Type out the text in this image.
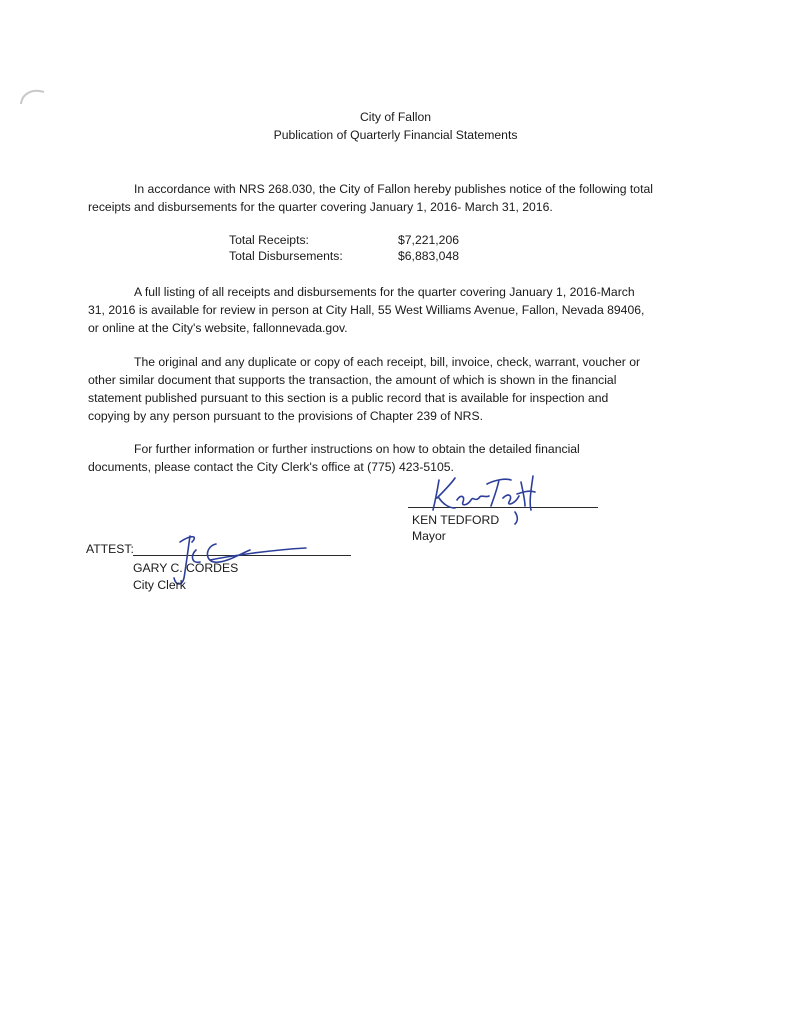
City of Fallon
Publication of Quarterly Financial Statements

In accordance with NRS 268.030, the City of Fallon hereby publishes notice of the following total

receipts and disbursements for the quarter covering January 1, 2016- March 31, 2016.

Total Receipts:	$7,221,206
Total Disbursements:	$6,883,048

A full listing of all receipts and disbursements for the quarter covering January 1, 2016-March

31, 2016 is available for review in person at City Hall, 55 West Williams Avenue, Fallon, Nevada 89406,

or online at the City's website, fallonnevada.gov.

The original and any duplicate or copy of each receipt, bill, invoice, check, warrant, voucher or

other similar document that supports the transaction, the amount of which is shown in the financial

statement published pursuant to this section is a public record that is available for inspection and

copying by any person pursuant to the provisions of Chapter 239 of NRS.

For further information or further instructions on how to obtain the detailed financial

documents, please contact the City Clerk's office at (775) 423-5105.

KEN TEDFORD
Mayor
ATTEST:
GARY C. CORDES
City Clerk
